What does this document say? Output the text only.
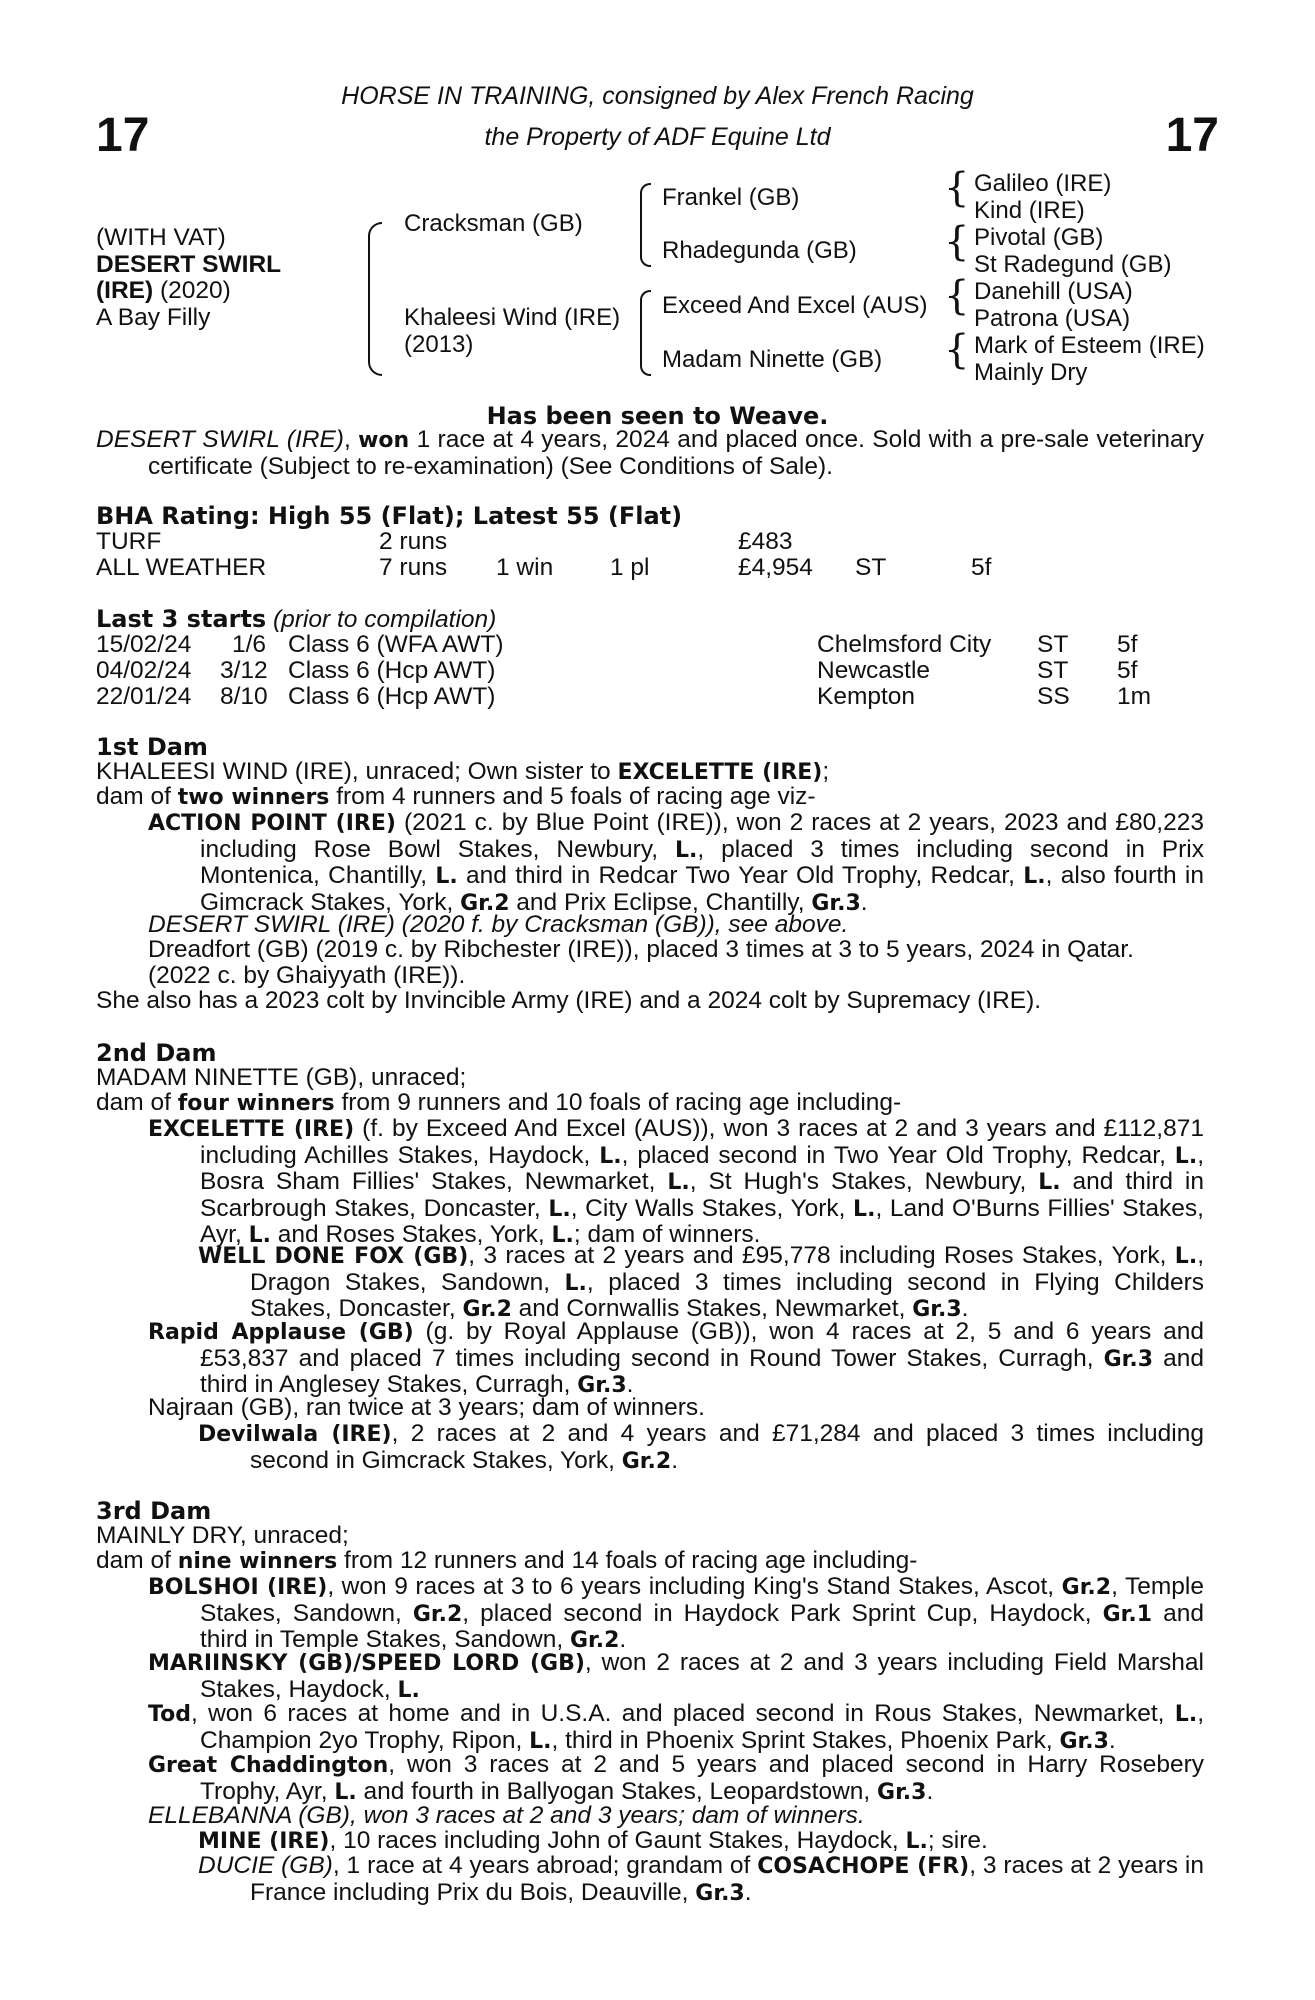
17	17
HORSE IN TRAINING, consigned by Alex French Racing
the Property of ADF Equine Ltd
(WITH VAT)
DESERT SWIRL
(IRE) (2020)
A Bay Filly
Cracksman (GB)
Khaleesi Wind (IRE)
(2013)
Frankel (GB)
Rhadegunda (GB)
Exceed And Excel (AUS)
Madam Ninette (GB)
{
{
{
{
Galileo (IRE)
Kind (IRE)
Pivotal (GB)
St Radegund (GB)
Danehill (USA)
Patrona (USA)
Mark of Esteem (IRE)
Mainly Dry
Has been seen to Weave.
DESERT SWIRL (IRE), won 1 race at 4 years, 2024 and placed once. Sold with a pre-sale veterinary certificate (Subject to re-examination) (See Conditions of Sale).
BHA Rating: High 55 (Flat); Latest 55 (Flat)
TURF	2 runs	£483
ALL WEATHER	7 runs 1 win 1 pl	£4,954 ST	5f
Last 3 starts (prior to compilation)
15/02/24 1/6 Class 6 (WFA AWT)	Chelmsford City ST 5f
04/02/24 3/12 Class 6 (Hcp AWT)	Newcastle	ST 5f
22/01/24 8/10 Class 6 (Hcp AWT)	Kempton	SS 1m
1st Dam
KHALEESI WIND (IRE), unraced; Own sister to EXCELETTE (IRE);
dam of two winners from 4 runners and 5 foals of racing age viz-
ACTION POINT (IRE) (2021 c. by Blue Point (IRE)), won 2 races at 2 years, 2023 and £80,223 including Rose Bowl Stakes, Newbury, L., placed 3 times including second in Prix Montenica, Chantilly, L. and third in Redcar Two Year Old Trophy, Redcar, L., also fourth in Gimcrack Stakes, York, Gr.2 and Prix Eclipse, Chantilly, Gr.3.
DESERT SWIRL (IRE) (2020 f. by Cracksman (GB)), see above.
Dreadfort (GB) (2019 c. by Ribchester (IRE)), placed 3 times at 3 to 5 years, 2024 in Qatar.
(2022 c. by Ghaiyyath (IRE)).
She also has a 2023 colt by Invincible Army (IRE) and a 2024 colt by Supremacy (IRE).
2nd Dam
MADAM NINETTE (GB), unraced;
dam of four winners from 9 runners and 10 foals of racing age including-
EXCELETTE (IRE) (f. by Exceed And Excel (AUS)), won 3 races at 2 and 3 years and £112,871 including Achilles Stakes, Haydock, L., placed second in Two Year Old Trophy, Redcar, L., Bosra Sham Fillies' Stakes, Newmarket, L., St Hugh's Stakes, Newbury, L. and third in Scarbrough Stakes, Doncaster, L., City Walls Stakes, York, L., Land O'Burns Fillies' Stakes, Ayr, L. and Roses Stakes, York, L.; dam of winners.
WELL DONE FOX (GB), 3 races at 2 years and £95,778 including Roses Stakes, York, L., Dragon Stakes, Sandown, L., placed 3 times including second in Flying Childers Stakes, Doncaster, Gr.2 and Cornwallis Stakes, Newmarket, Gr.3.
Rapid Applause (GB) (g. by Royal Applause (GB)), won 4 races at 2, 5 and 6 years and £53,837 and placed 7 times including second in Round Tower Stakes, Curragh, Gr.3 and third in Anglesey Stakes, Curragh, Gr.3.
Najraan (GB), ran twice at 3 years; dam of winners.
Devilwala (IRE), 2 races at 2 and 4 years and £71,284 and placed 3 times including second in Gimcrack Stakes, York, Gr.2.
3rd Dam
MAINLY DRY, unraced;
dam of nine winners from 12 runners and 14 foals of racing age including-
BOLSHOI (IRE), won 9 races at 3 to 6 years including King's Stand Stakes, Ascot, Gr.2, Temple Stakes, Sandown, Gr.2, placed second in Haydock Park Sprint Cup, Haydock, Gr.1 and third in Temple Stakes, Sandown, Gr.2.
MARIINSKY (GB)/SPEED LORD (GB), won 2 races at 2 and 3 years including Field Marshal Stakes, Haydock, L.
Tod, won 6 races at home and in U.S.A. and placed second in Rous Stakes, Newmarket, L., Champion 2yo Trophy, Ripon, L., third in Phoenix Sprint Stakes, Phoenix Park, Gr.3.
Great Chaddington, won 3 races at 2 and 5 years and placed second in Harry Rosebery Trophy, Ayr, L. and fourth in Ballyogan Stakes, Leopardstown, Gr.3.
ELLEBANNA (GB), won 3 races at 2 and 3 years; dam of winners.
MINE (IRE), 10 races including John of Gaunt Stakes, Haydock, L.; sire.
DUCIE (GB), 1 race at 4 years abroad; grandam of COSACHOPE (FR), 3 races at 2 years in France including Prix du Bois, Deauville, Gr.3.
